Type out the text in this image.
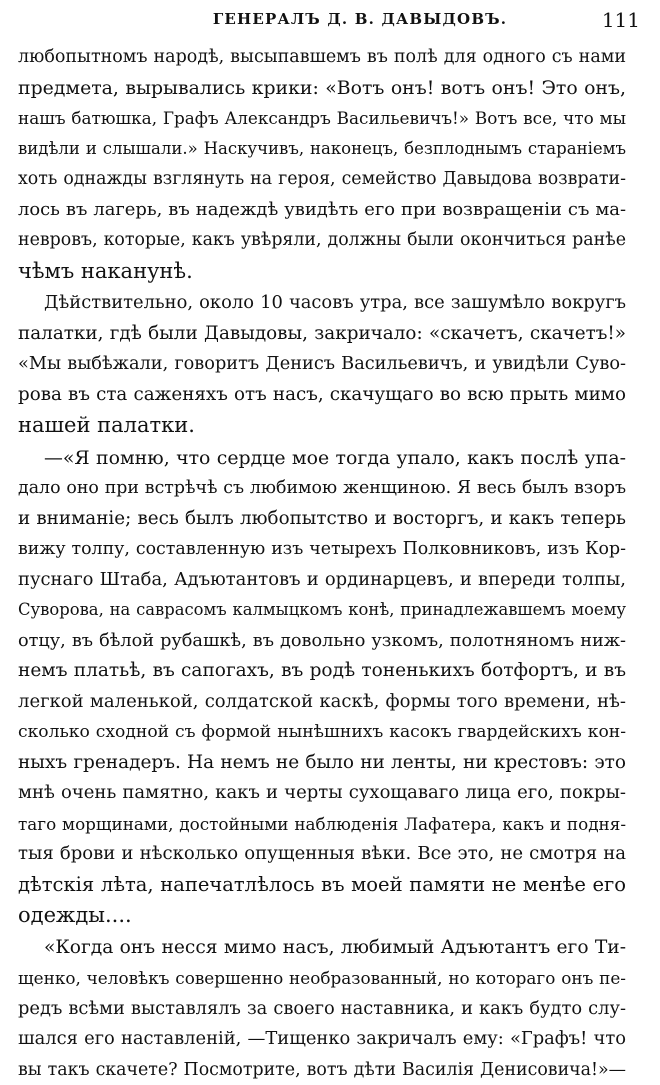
ГЕНЕРАЛЪ Д. В. ДАВЫДОВЪ.	111
любопытномъ народѣ, высыпавшемъ въ полѣ для одного съ нами
предмета, вырывались крики: «Вотъ онъ! вотъ онъ! Это онъ,
нашъ батюшка, Графъ Александръ Васильевичъ!» Вотъ все, что мы
видѣли и слышали.» Наскучивъ, наконецъ, безплоднымъ стараніемъ
хоть однажды взглянуть на героя, семейство Давыдова возврати-
лось въ лагерь, въ надеждѣ увидѣть его при возвращеніи съ ма-
невровъ, которые, какъ увѣряли, должны были окончиться ранѣе
чѣмъ наканунѣ.
Дѣйствительно, около 10 часовъ утра, все зашумѣло вокругъ
палатки, гдѣ были Давыдовы, закричало: «скачетъ, скачетъ!»
«Мы выбѣжали, говоритъ Денисъ Васильевичъ, и увидѣли Суво-
рова въ ста саженяхъ отъ насъ, скачущаго во всю прыть мимо
нашей палатки.
—«Я помню, что сердце мое тогда упало, какъ послѣ упа-
дало оно при встрѣчѣ съ любимою женщиною. Я весь былъ взоръ
и вниманіе; весь былъ любопытство и восторгъ, и какъ теперь
вижу толпу, составленную изъ четырехъ Полковниковъ, изъ Кор-
пуснаго Штаба, Адъютантовъ и ординарцевъ, и впереди толпы,
Суворова, на саврасомъ калмыцкомъ конѣ, принадлежавшемъ моему
отцу, въ бѣлой рубашкѣ, въ довольно узкомъ, полотняномъ ниж-
немъ платьѣ, въ сапогахъ, въ родѣ тоненькихъ ботфортъ, и въ
легкой маленькой, солдатской каскѣ, формы того времени, нѣ-
сколько сходной съ формой нынѣшнихъ касокъ гвардейскихъ кон-
ныхъ гренадеръ. На немъ не было ни ленты, ни крестовъ: это
мнѣ очень памятно, какъ и черты сухощаваго лица его, покры-
таго морщинами, достойными наблюденія Лафатера, какъ и подня-
тыя брови и нѣсколько опущенныя вѣки. Все это, не смотря на
дѣтскія лѣта, напечатлѣлось въ моей памяти не менѣе его
одежды....
«Когда онъ несся мимо насъ, любимый Адъютантъ его Ти-
щенко, человѣкъ совершенно необразованный, но котораго онъ пе-
редъ всѣми выставлялъ за своего наставника, и какъ будто слу-
шался его наставленій, —Тищенко закричалъ ему: «Графъ! что
вы такъ скачете? Посмотрите, вотъ дѣти Василія Денисовича!»—
